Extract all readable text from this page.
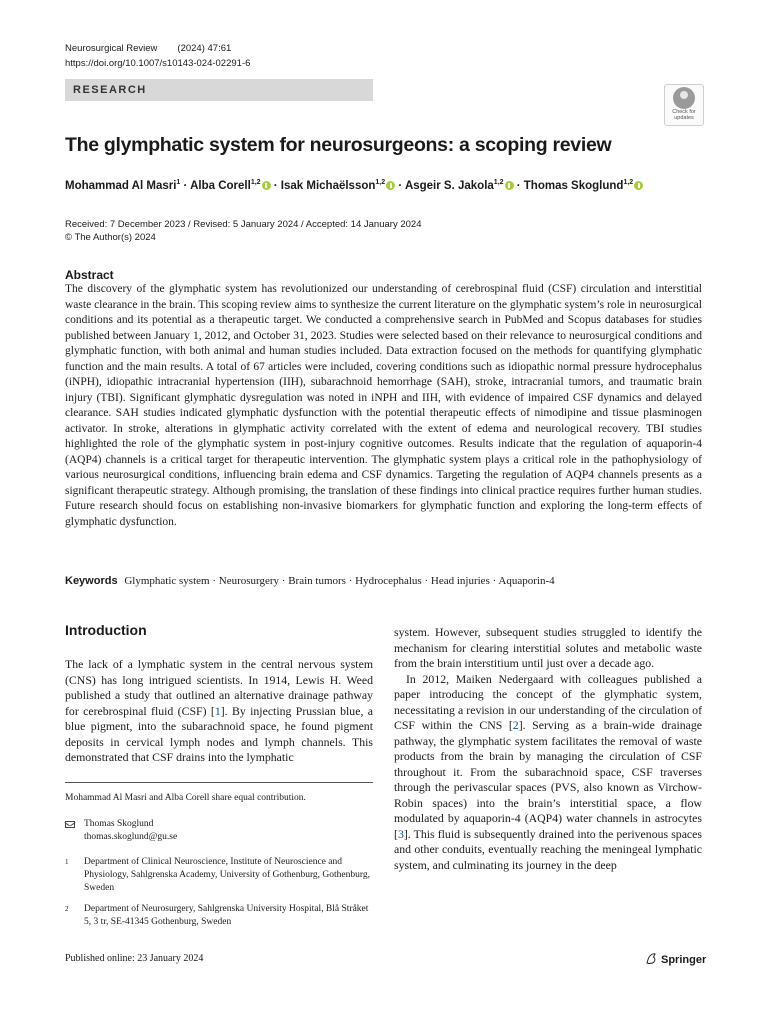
Neurosurgical Review (2024) 47:61
https://doi.org/10.1007/s10143-024-02291-6
RESEARCH
Check for
updates
The glymphatic system for neurosurgeons: a scoping review
Mohammad Al Masri$^1$ · Alba Corell$^{1,2}$ · Isak Michaëlsson$^{1,2}$ · Asgeir S. Jakola$^{1,2}$ · Thomas Skoglund$^{1,2}$
Received: 7 December 2023 / Revised: 5 January 2024 / Accepted: 14 January 2024
© The Author(s) 2024
Abstract
The discovery of the glymphatic system has revolutionized our understanding of cerebrospinal fluid (CSF) circulation and interstitial waste clearance in the brain. This scoping review aims to synthesize the current literature on the glymphatic system’s role in neurosurgical conditions and its potential as a therapeutic target. We conducted a comprehensive search in PubMed and Scopus databases for studies published between January 1, 2012, and October 31, 2023. Studies were selected based on their relevance to neurosurgical conditions and glymphatic function, with both animal and human studies included. Data extraction focused on the methods for quantifying glymphatic function and the main results. A total of 67 articles were included, covering conditions such as idiopathic normal pressure hydrocephalus (iNPH), idiopathic intracranial hypertension (IIH), subarachnoid hemorrhage (SAH), stroke, intracranial tumors, and traumatic brain injury (TBI). Significant glymphatic dysregulation was noted in iNPH and IIH, with evidence of impaired CSF dynamics and delayed clearance. SAH studies indicated glymphatic dysfunction with the potential therapeutic effects of nimodipine and tissue plasminogen activator. In stroke, alterations in glymphatic activity correlated with the extent of edema and neurological recovery. TBI studies highlighted the role of the glymphatic system in post-injury cognitive outcomes. Results indicate that the regulation of aquaporin-4 (AQP4) channels is a critical target for therapeutic intervention. The glymphatic system plays a critical role in the pathophysiology of various neurosurgical conditions, influencing brain edema and CSF dynamics. Targeting the regulation of AQP4 channels presents as a significant therapeutic strategy. Although promising, the translation of these findings into clinical practice requires further human studies. Future research should focus on establishing non-invasive biomarkers for glymphatic function and exploring the long-term effects of glymphatic dysfunction.
Keywords Glymphatic system · Neurosurgery · Brain tumors · Hydrocephalus · Head injuries · Aquaporin-4
Introduction

The lack of a lymphatic system in the central nervous system (CNS) has long intrigued scientists. In 1914, Lewis H. Weed published a study that outlined an alternative drainage pathway for cerebrospinal fluid (CSF) [1]. By injecting Prussian blue, a blue pigment, into the subarachnoid space, he found pigment deposits in cervical lymph nodes and lymph channels. This demonstrated that CSF drains into the lymphatic

system. However, subsequent studies struggled to identify the mechanism for clearing interstitial solutes and metabolic waste from the brain interstitium until just over a decade ago.

In 2012, Maiken Nedergaard with colleagues published a paper introducing the concept of the glymphatic system, necessitating a revision in our understanding of the circulation of CSF within the CNS [2]. Serving as a brain-wide drainage pathway, the glymphatic system facilitates the removal of waste products from the brain by managing the circulation of CSF throughout it. From the subarachnoid space, CSF traverses through the perivascular spaces (PVS, also known as Virchow-Robin spaces) into the brain’s interstitial space, a flow modulated by aquaporin-4 (AQP4) water channels in astrocytes [3]. This fluid is subsequently drained into the perivenous spaces and other conduits, eventually reaching the meningeal lymphatic system, and culminating its journey in the deep

Mohammad Al Masri and Alba Corell share equal contribution.
Thomas Skoglund
thomas.skoglund@gu.se
1 Department of Clinical Neuroscience, Institute of Neuroscience and Physiology, Sahlgrenska Academy, University of Gothenburg, Gothenburg, Sweden
2 Department of Neurosurgery, Sahlgrenska University Hospital, Blå Stråket 5, 3 tr, SE-41345 Gothenburg, Sweden
Published online: 23 January 2024	Springer
